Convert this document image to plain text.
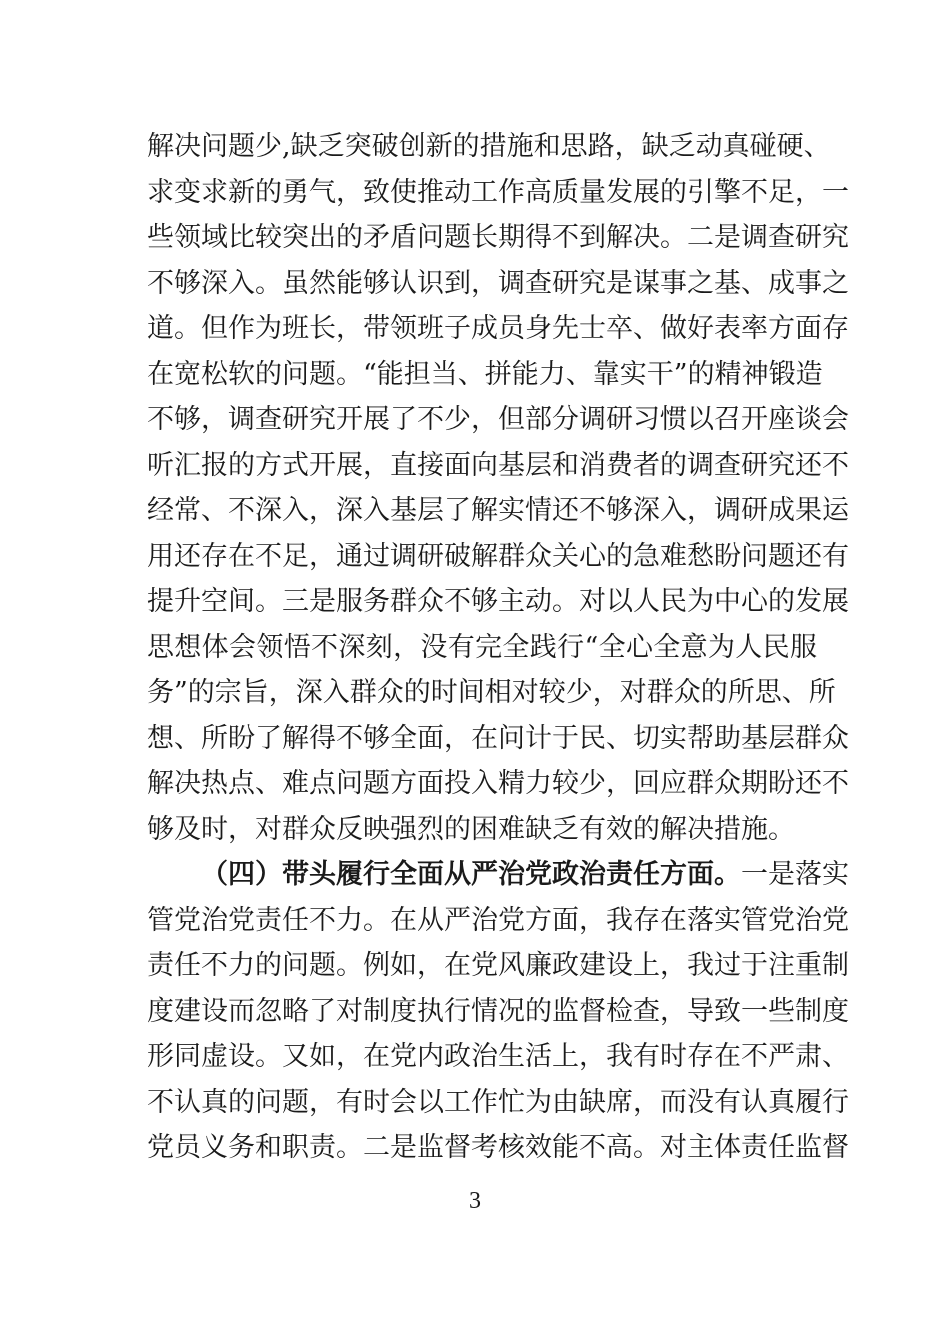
解决问题少,缺乏突破创新的措施和思路，缺乏动真碰硬、
求变求新的勇气，致使推动工作高质量发展的引擎不足，一
些领域比较突出的矛盾问题长期得不到解决。二是调查研究
不够深入。虽然能够认识到，调查研究是谋事之基、成事之
道。但作为班长，带领班子成员身先士卒、做好表率方面存
在宽松软的问题。“能担当、拼能力、靠实干”的精神锻造
不够，调查研究开展了不少，但部分调研习惯以召开座谈会
听汇报的方式开展，直接面向基层和消费者的调查研究还不
经常、不深入，深入基层了解实情还不够深入，调研成果运
用还存在不足，通过调研破解群众关心的急难愁盼问题还有
提升空间。三是服务群众不够主动。对以人民为中心的发展
思想体会领悟不深刻，没有完全践行“全心全意为人民服
务”的宗旨，深入群众的时间相对较少，对群众的所思、所
想、所盼了解得不够全面，在问计于民、切实帮助基层群众
解决热点、难点问题方面投入精力较少，回应群众期盼还不
够及时，对群众反映强烈的困难缺乏有效的解决措施。
（四）带头履行全面从严治党政治责任方面。一是落实
管党治党责任不力。在从严治党方面，我存在落实管党治党
责任不力的问题。例如，在党风廉政建设上，我过于注重制
度建设而忽略了对制度执行情况的监督检查，导致一些制度
形同虚设。又如，在党内政治生活上，我有时存在不严肃、
不认真的问题，有时会以工作忙为由缺席，而没有认真履行
党员义务和职责。二是监督考核效能不高。对主体责任监督
3
